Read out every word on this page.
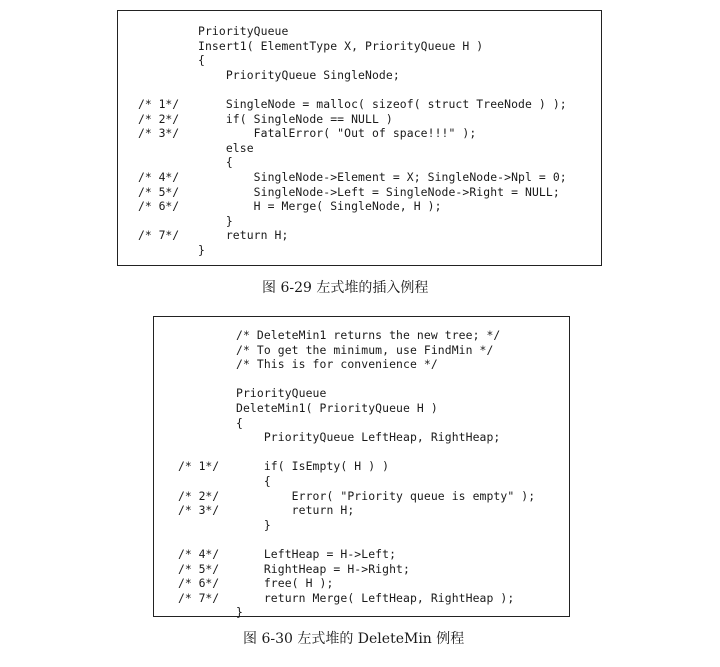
PriorityQueue
Insert1( ElementType X, PriorityQueue H )
{
PriorityQueue SingleNode;
SingleNode = malloc( sizeof( struct TreeNode ) );
if( SingleNode == NULL )
FatalError( "Out of space!!!" );
else
{
SingleNode->Element = X; SingleNode->Npl = 0;
SingleNode->Left = SingleNode->Right = NULL;
H = Merge( SingleNode, H );
}
return H;
}
/* 1*/
/* 2*/
/* 3*/
/* 4*/
/* 5*/
/* 6*/
/* 7*/
图 6-29 左式堆的插入例程
/* DeleteMin1 returns the new tree; */
/* To get the minimum, use FindMin */
/* This is for convenience */
PriorityQueue
DeleteMin1( PriorityQueue H )
{
PriorityQueue LeftHeap, RightHeap;
if( IsEmpty( H ) )
{
Error( "Priority queue is empty" );
return H;
}
LeftHeap = H->Left;
RightHeap = H->Right;
free( H );
return Merge( LeftHeap, RightHeap );
}
/* 1*/
/* 2*/
/* 3*/
/* 4*/
/* 5*/
/* 6*/
/* 7*/
图 6-30 左式堆的 DeleteMin 例程
